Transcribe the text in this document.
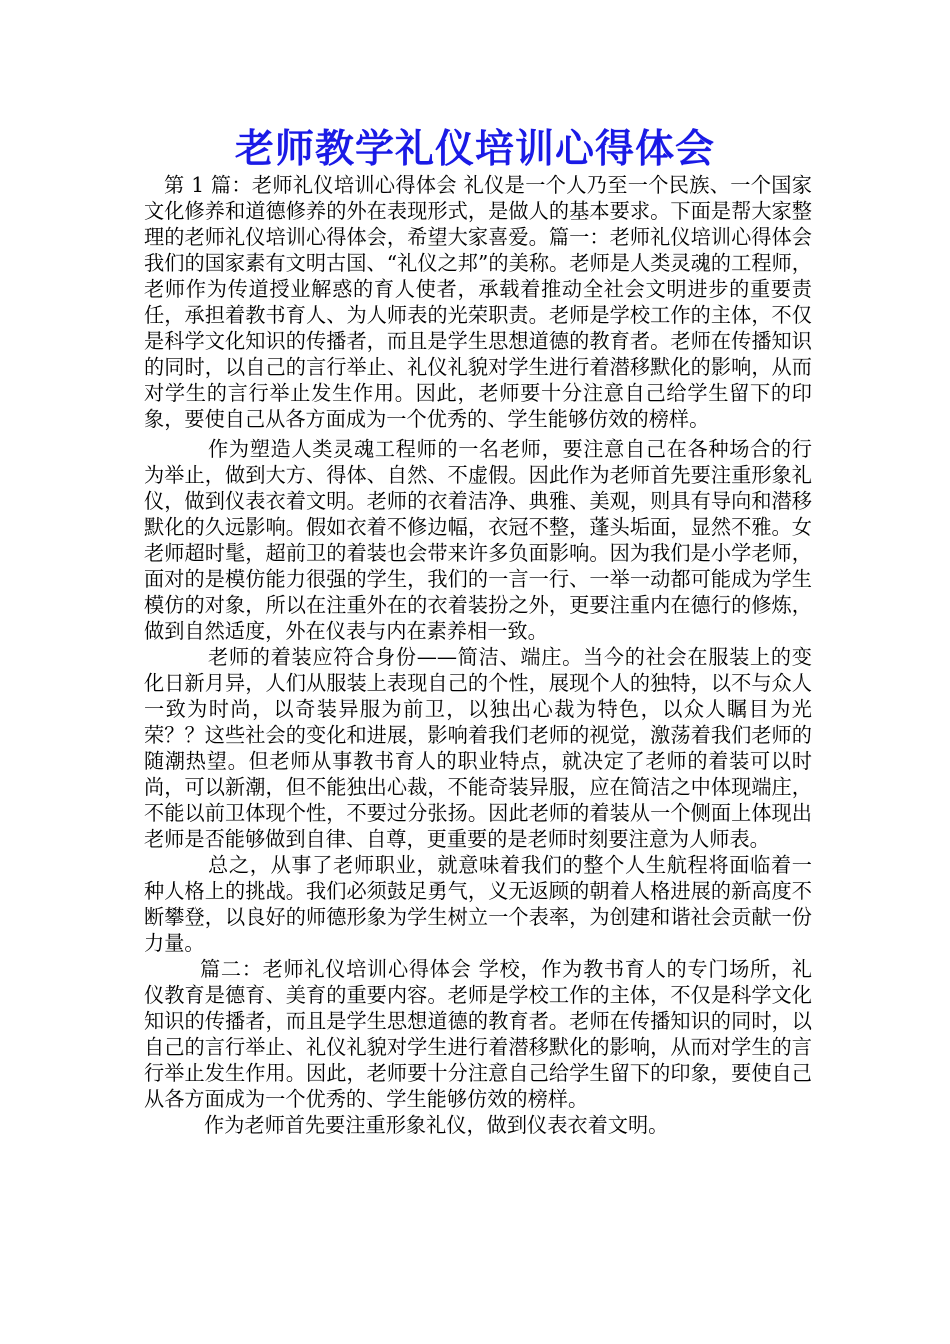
老师教学礼仪培训心得体会

第 1 篇：老师礼仪培训心得体会 礼仪是一个人乃至一个民族、一个国家文化修养和道德修养的外在表现形式，是做人的基本要求。下面是帮大家整理的老师礼仪培训心得体会，希望大家喜爱。篇一：老师礼仪培训心得体会 我们的国家素有文明古国、“礼仪之邦”的美称。老师是人类灵魂的工程师，老师作为传道授业解惑的育人使者，承载着推动全社会文明进步的重要责任，承担着教书育人、为人师表的光荣职责。老师是学校工作的主体，不仅是科学文化知识的传播者，而且是学生思想道德的教育者。老师在传播知识的同时，以自己的言行举止、礼仪礼貌对学生进行着潜移默化的影响，从而对学生的言行举止发生作用。因此，老师要十分注意自己给学生留下的印象，要使自己从各方面成为一个优秀的、学生能够仿效的榜样。

作为塑造人类灵魂工程师的一名老师，要注意自己在各种场合的行为举止，做到大方、得体、自然、不虚假。因此作为老师首先要注重形象礼仪，做到仪表衣着文明。老师的衣着洁净、典雅、美观，则具有导向和潜移默化的久远影响。假如衣着不修边幅，衣冠不整，蓬头垢面，显然不雅。女老师超时髦，超前卫的着装也会带来许多负面影响。因为我们是小学老师，面对的是模仿能力很强的学生，我们的一言一行、一举一动都可能成为学生模仿的对象，所以在注重外在的衣着装扮之外，更要注重内在德行的修炼，做到自然适度，外在仪表与内在素养相一致。

老师的着装应符合身份——简洁、端庄。当今的社会在服装上的变化日新月异，人们从服装上表现自己的个性，展现个人的独特，以不与众人一致为时尚，以奇装异服为前卫，以独出心裁为特色，以众人瞩目为光荣？？这些社会的变化和进展，影响着我们老师的视觉，激荡着我们老师的随潮热望。但老师从事教书育人的职业特点，就决定了老师的着装可以时尚，可以新潮，但不能独出心裁，不能奇装异服，应在简洁之中体现端庄，不能以前卫体现个性，不要过分张扬。因此老师的着装从一个侧面上体现出老师是否能够做到自律、自尊，更重要的是老师时刻要注意为人师表。

总之，从事了老师职业，就意味着我们的整个人生航程将面临着一种人格上的挑战。我们必须鼓足勇气，义无返顾的朝着人格进展的新高度不断攀登，以良好的师德形象为学生树立一个表率，为创建和谐社会贡献一份力量。

篇二：老师礼仪培训心得体会 学校，作为教书育人的专门场所，礼仪教育是德育、美育的重要内容。老师是学校工作的主体，不仅是科学文化知识的传播者，而且是学生思想道德的教育者。老师在传播知识的同时，以自己的言行举止、礼仪礼貌对学生进行着潜移默化的影响，从而对学生的言行举止发生作用。因此，老师要十分注意自己给学生留下的印象，要使自己从各方面成为一个优秀的、学生能够仿效的榜样。

作为老师首先要注重形象礼仪，做到仪表衣着文明。
